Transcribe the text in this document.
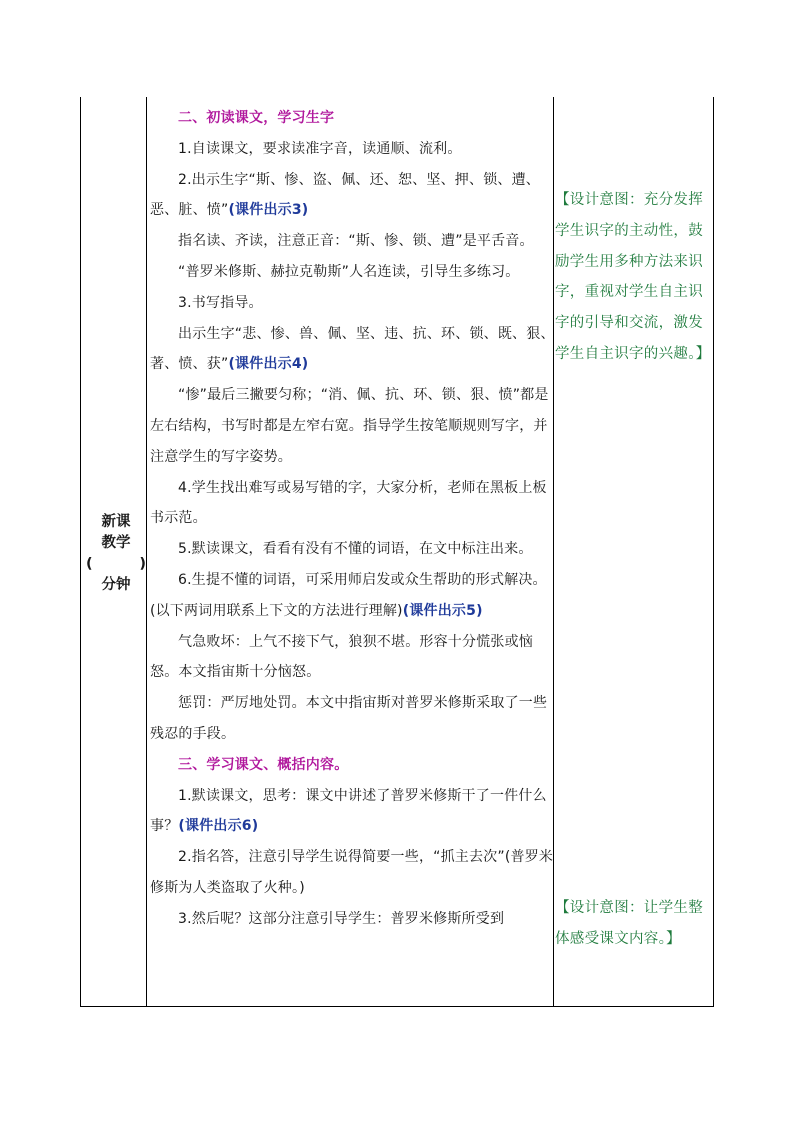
新课
教学
(	)
分钟

二、初读课文，学习生字

1.自读课文，要求读准字音，读通顺、流利。

2.出示生字“斯、惨、盗、佩、还、恕、坚、押、锁、遭、恶、脏、愤”(课件出示3)

指名读、齐读，注意正音：“斯、惨、锁、遭”是平舌音。

“普罗米修斯、赫拉克勒斯”人名连读，引导生多练习。

3.书写指导。

出示生字“悲、惨、兽、佩、坚、违、抗、环、锁、既、狠、著、愤、获”(课件出示4)

“惨”最后三撇要匀称；“消、佩、抗、环、锁、狠、愤”都是左右结构，书写时都是左窄右宽。指导学生按笔顺规则写字，并注意学生的写字姿势。

4.学生找出难写或易写错的字，大家分析，老师在黑板上板书示范。

5.默读课文，看看有没有不懂的词语，在文中标注出来。

6.生提不懂的词语，可采用师启发或众生帮助的形式解决。(以下两词用联系上下文的方法进行理解)(课件出示5)

气急败坏：上气不接下气，狼狈不堪。形容十分慌张或恼怒。本文指宙斯十分恼怒。

惩罚：严厉地处罚。本文中指宙斯对普罗米修斯采取了一些残忍的手段。

三、学习课文、概括内容。

1.默读课文，思考：课文中讲述了普罗米修斯干了一件什么事？(课件出示6)

2.指名答，注意引导学生说得简要一些，“抓主去次”(普罗米修斯为人类盗取了火种。)

3.然后呢？这部分注意引导学生：普罗米修斯所受到

【设计意图：充分发挥学生识字的主动性，鼓励学生用多种方法来识字，重视对学生自主识字的引导和交流，激发学生自主识字的兴趣。】

【设计意图：让学生整体感受课文内容。】
